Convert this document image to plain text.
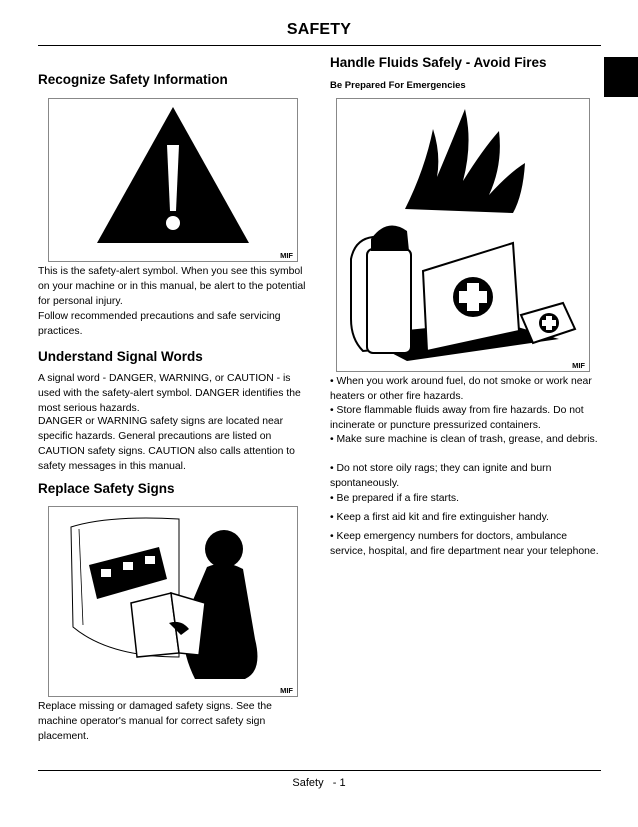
SAFETY
Recognize Safety Information
MIF

This is the safety-alert symbol. When you see this symbol on your machine or in this manual, be alert to the potential for personal injury.

Follow recommended precautions and safe servicing practices.

Understand Signal Words

A signal word - DANGER, WARNING, or CAUTION - is used with the safety-alert symbol. DANGER identifies the most serious hazards.

DANGER or WARNING safety signs are located near specific hazards. General precautions are listed on CAUTION safety signs. CAUTION also calls attention to safety messages in this manual.

Replace Safety Signs
MIF

Replace missing or damaged safety signs. See the machine operator's manual for correct safety sign placement.

Handle Fluids Safely - Avoid Fires
Be Prepared For Emergencies
MIF

• When you work around fuel, do not smoke or work near heaters or other fire hazards.

• Store flammable fluids away from fire hazards. Do not incinerate or puncture pressurized containers.

• Make sure machine is clean of trash, grease, and debris.

• Do not store oily rags; they can ignite and burn spontaneously.

• Be prepared if a fire starts.

• Keep a first aid kit and fire extinguisher handy.

• Keep emergency numbers for doctors, ambulance service, hospital, and fire department near your telephone.

Safety - 1
